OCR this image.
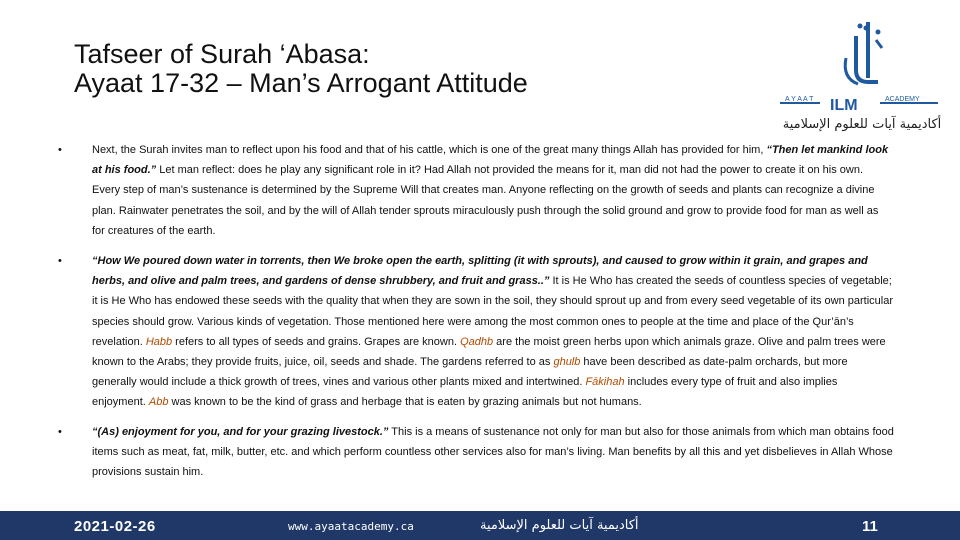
Tafseer of Surah ‘Abasa:
Ayaat 17-32 – Man’s Arrogant Attitude
A Y A A T ILM	ACADEMY
أكاديمية آيات للعلوم الإسلامية
•	Next, the Surah invites man to reflect upon his food and that of his cattle, which is one of the great many things Allah has provided for him, “Then let mankind look at his food.” Let man reflect: does he play any significant role in it? Had Allah not provided the means for it, man did not had the power to create it on his own. Every step of man’s sustenance is determined by the Supreme Will that creates man. Anyone reflecting on the growth of seeds and plants can recognize a divine plan. Rainwater penetrates the soil, and by the will of Allah tender sprouts miraculously push through the solid ground and grow to provide food for man as well as for creatures of the earth.
•	“How We poured down water in torrents, then We broke open the earth, splitting (it with sprouts), and caused to grow within it grain, and grapes and herbs, and olive and palm trees, and gardens of dense shrubbery, and fruit and grass..” It is He Who has created the seeds of countless species of vegetable; it is He Who has endowed these seeds with the quality that when they are sown in the soil, they should sprout up and from every seed vegetable of its own particular species should grow. Various kinds of vegetation. Those mentioned here were among the most common ones to people at the time and place of the Qur’ān’s revelation. Habb refers to all types of seeds and grains. Grapes are known. Qadhb are the moist green herbs upon which animals graze. Olive and palm trees were known to the Arabs; they provide fruits, juice, oil, seeds and shade. The gardens referred to as ghulb have been described as date-palm orchards, but more generally would include a thick growth of trees, vines and various other plants mixed and intertwined. Fākihah includes every type of fruit and also implies enjoyment. Abb was known to be the kind of grass and herbage that is eaten by grazing animals but not humans.
•	“(As) enjoyment for you, and for your grazing livestock.” This is a means of sustenance not only for man but also for those animals from which man obtains food items such as meat, fat, milk, butter, etc. and which perform countless other services also for man’s living. Man benefits by all this and yet disbelieves in Allah Whose provisions sustain him.
2021-02-26	www.ayaatacademy.ca	أكاديمية آيات للعلوم الإسلامية	11
